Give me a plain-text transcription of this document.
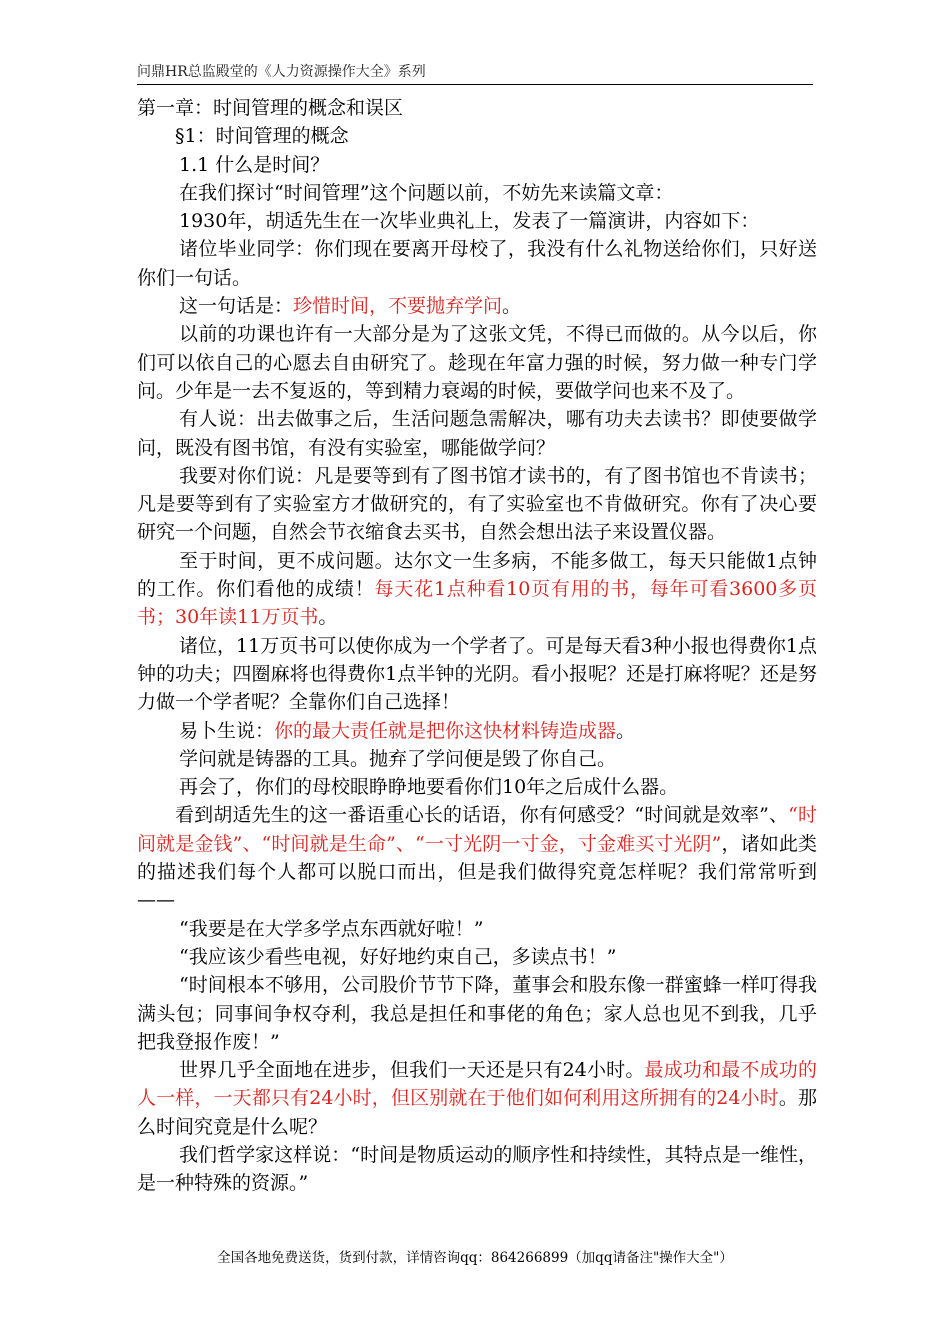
问鼎HR总监殿堂的《人力资源操作大全》系列

第一章：时间管理的概念和误区

§1：时间管理的概念

1.1 什么是时间？

在我们探讨“时间管理”这个问题以前，不妨先来读篇文章：

1930年，胡适先生在一次毕业典礼上，发表了一篇演讲，内容如下：

诸位毕业同学：你们现在要离开母校了，我没有什么礼物送给你们，只好送你们一句话。

这一句话是：珍惜时间，不要抛弃学问。

以前的功课也许有一大部分是为了这张文凭，不得已而做的。从今以后，你们可以依自己的心愿去自由研究了。趁现在年富力强的时候，努力做一种专门学问。少年是一去不复返的，等到精力衰竭的时候，要做学问也来不及了。

有人说：出去做事之后，生活问题急需解决，哪有功夫去读书？即使要做学问，既没有图书馆，有没有实验室，哪能做学问？

我要对你们说：凡是要等到有了图书馆才读书的，有了图书馆也不肯读书；凡是要等到有了实验室方才做研究的，有了实验室也不肯做研究。你有了决心要研究一个问题，自然会节衣缩食去买书，自然会想出法子来设置仪器。

至于时间，更不成问题。达尔文一生多病，不能多做工，每天只能做1点钟的工作。你们看他的成绩！每天花1点种看10页有用的书，每年可看3600多页书；30年读11万页书。

诸位，11万页书可以使你成为一个学者了。可是每天看3种小报也得费你1点钟的功夫；四圈麻将也得费你1点半钟的光阴。看小报呢？还是打麻将呢？还是努力做一个学者呢？全靠你们自己选择！

易卜生说：你的最大责任就是把你这快材料铸造成器。

学问就是铸器的工具。抛弃了学问便是毁了你自己。

再会了，你们的母校眼睁睁地要看你们10年之后成什么器。

看到胡适先生的这一番语重心长的话语，你有何感受？“时间就是效率”、“时间就是金钱”、“时间就是生命”、“一寸光阴一寸金，寸金难买寸光阴”，诸如此类的描述我们每个人都可以脱口而出，但是我们做得究竟怎样呢？我们常常听到——

“我要是在大学多学点东西就好啦！”

“我应该少看些电视，好好地约束自己，多读点书！”

“时间根本不够用，公司股价节节下降，董事会和股东像一群蜜蜂一样叮得我满头包；同事间争权夺利，我总是担任和事佬的角色；家人总也见不到我，几乎把我登报作废！”

世界几乎全面地在进步，但我们一天还是只有24小时。最成功和最不成功的人一样，一天都只有24小时，但区别就在于他们如何利用这所拥有的24小时。那么时间究竟是什么呢？

我们哲学家这样说：“时间是物质运动的顺序性和持续性，其特点是一维性，是一种特殊的资源。”

全国各地免费送货，货到付款，详情咨询qq：864266899（加qq请备注"操作大全"）
